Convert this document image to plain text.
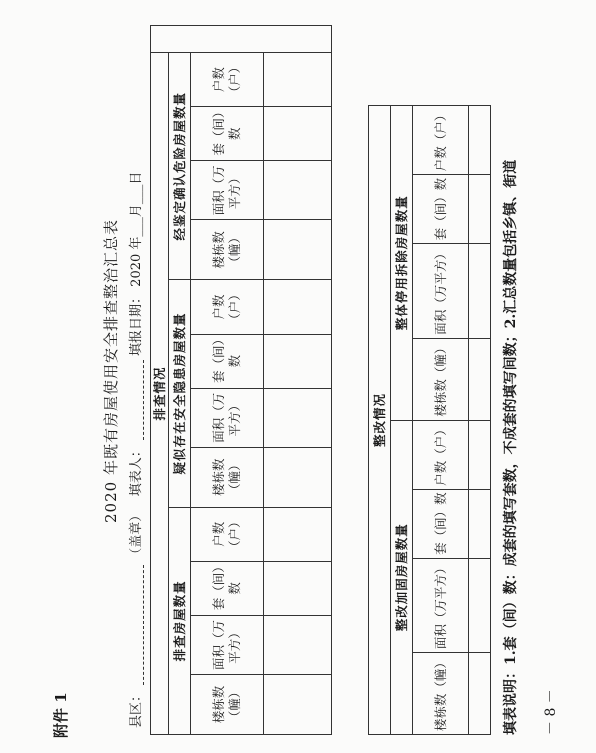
附件 1
2020 年既有房屋使用安全排查整治汇总表
县区：  （盖章）   填表人：  填报日期： 2020 年___月___日
排查情况												
排查房屋数量				疑似存在安全隐患房屋数量				经鉴定确认危险房屋数量				
楼栋数（幢）	面积（万平方）	套（间）数	户数（户）	楼栋数（幢）	面积（万平方）	套（间）数	户数（户）	楼栋数（幢）	面积（万平方）	套（间）数	户数（户）	

整改情况							
整改加固房屋数量				整体停用拆除房屋数量			
楼栋数（幢）	面积（万平方）	套（间）数	户数（户）	楼栋数（幢）	面积（万平方）	套（间）数	户数（户）

填表说明：1.套（间）数：成套的填写套数，不成套的填写间数；2.汇总数量包括乡镇、街道 － 8 －
